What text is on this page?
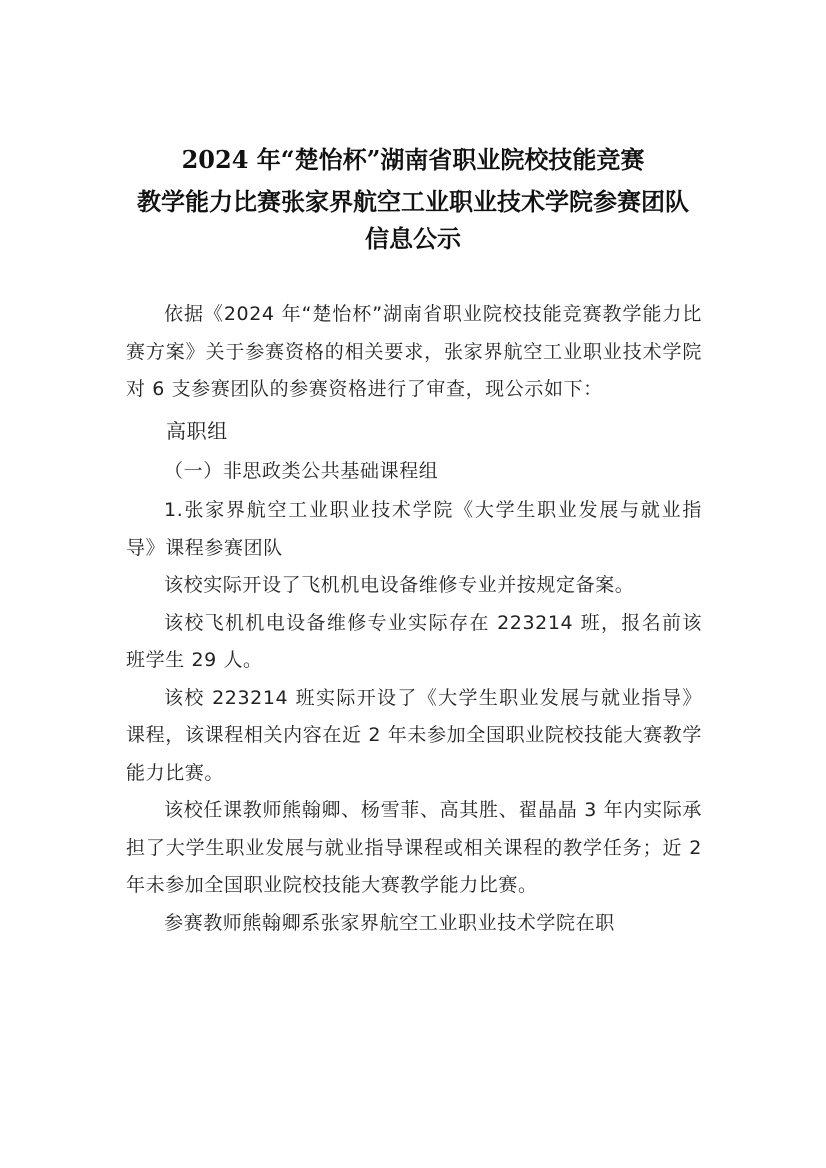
2024 年“楚怡杯”湖南省职业院校技能竞赛
教学能力比赛张家界航空工业职业技术学院参赛团队
信息公示

依据《2024 年“楚怡杯”湖南省职业院校技能竞赛教学能力比赛方案》关于参赛资格的相关要求，张家界航空工业职业技术学院对 6 支参赛团队的参赛资格进行了审查，现公示如下：

高职组

（一）非思政类公共基础课程组

1.张家界航空工业职业技术学院《大学生职业发展与就业指导》课程参赛团队

该校实际开设了飞机机电设备维修专业并按规定备案。

该校飞机机电设备维修专业实际存在 223214 班，报名前该班学生 29 人。

该校 223214 班实际开设了《大学生职业发展与就业指导》课程，该课程相关内容在近 2 年未参加全国职业院校技能大赛教学能力比赛。

该校任课教师熊翰卿、杨雪菲、高其胜、翟晶晶 3 年内实际承担了大学生职业发展与就业指导课程或相关课程的教学任务；近 2 年未参加全国职业院校技能大赛教学能力比赛。

参赛教师熊翰卿系张家界航空工业职业技术学院在职
